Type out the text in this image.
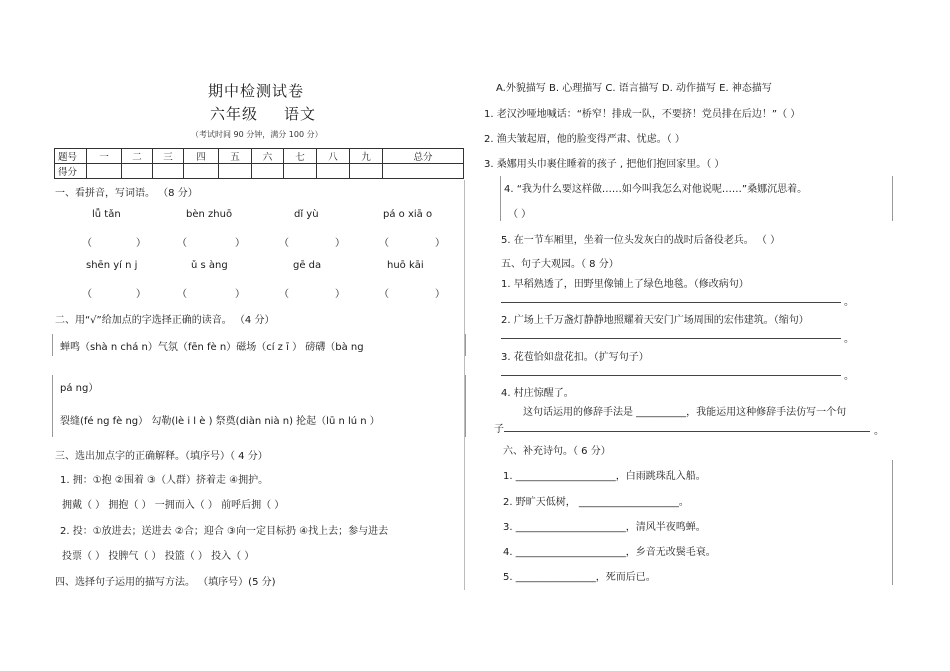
期中检测试卷
六年级 语文
（考试时间 90 分钟，满分 100 分）
题号	一	二	三	四	五	六	七	八	九	总分
得分										
一、看拼音，写词语。 （8 分）
lǚ tǎn	bèn zhuō	dǐ yù	pá o xiā o
（	）	（	）	（	）	（	）
shēn yí n j	ǔ s àng	gē da	huō kāi
（	）	（	）	（	）	（	）
二、用“√”给加点的字选择正确的读音。 （4 分）
蝉鸣（shà n chá n）气氛（fēn fè n）磁场（cí z ī ） 磅礴（bà ng
pá ng）
裂缝(fé ng fè ng） 勾勒(lè i l è ) 祭奠(diàn nià n) 抡起（lū n lú n ）
三、选出加点字的正确解释。（填序号）（ 4 分）
1. 拥：①抱 ②围着 ③（人群）挤着走 ④拥护。
拥戴（ ） 拥抱（ ） 一拥而入（ ） 前呼后拥（ ）
2. 投：①放进去；送进去 ②合；迎合 ③向一定目标扔 ④找上去；参与进去
投票（ ） 投脾气（ ） 投篮（ ） 投入（ ）
四、选择句子运用的描写方法。 （填序号）(5 分)
A.外貌描写 B. 心理描写 C. 语言描写 D. 动作描写 E. 神态描写
1. 老汉沙哑地喊话：“桥窄！排成一队，不要挤！党员排在后边！”（ ）
2. 渔夫皱起眉，他的脸变得严肃、忧虑。（ ）
3. 桑娜用头巾裹住睡着的孩子 , 把他们抱回家里。（ ）
4. “我为什么要这样做……如今叫我怎么对他说呢……”桑娜沉思着。
（ ）
5. 在一节车厢里，坐着一位头发灰白的战时后备役老兵。 （ ）
五、句子大观园。（ 8 分）
1. 早稻熟透了，田野里像铺上了绿色地毯。（修改病句）
。
2. 广场上千万盏灯静静地照耀着天安门广场周围的宏伟建筑。（缩句）
。
3. 花苞恰如盘花扣。（扩写句子）
。
4. 村庄惊醒了。
这句话运用的修辞手法是 __________，我能运用这种修辞手法仿写一个句
子	。
六、补充诗句。（ 6 分）
1. ____________________，白雨跳珠乱入船。
2. 野旷天低树， ____________________。
3. ______________________，清风半夜鸣蝉。
4. ______________________，乡音无改鬓毛衰。
5. ________________，死而后已。
